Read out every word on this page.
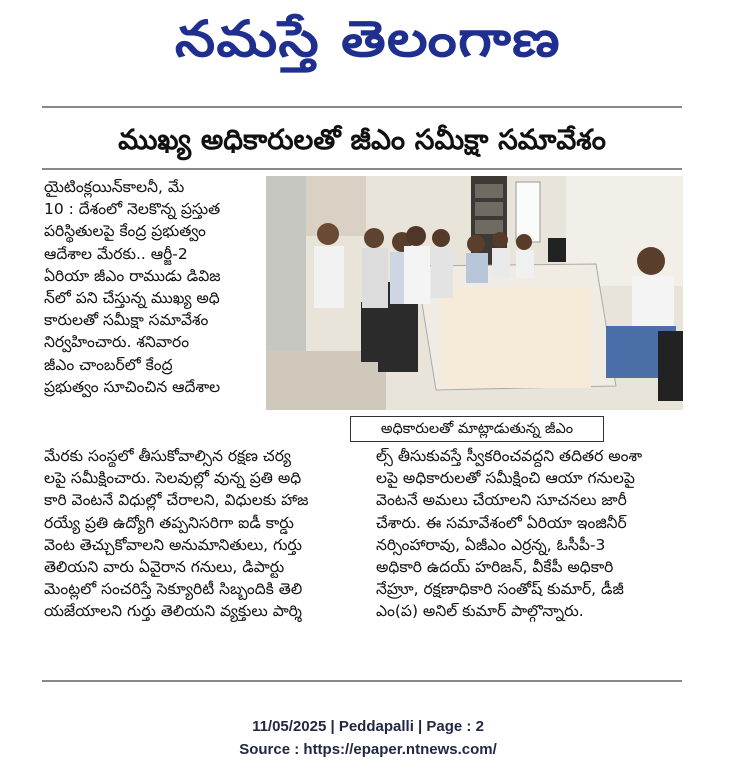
నమస్తే తెలంగాణ
ముఖ్య అధికారులతో జీఎం సమీక్షా సమావేశం

యైటింక్లయిన్‌కాలనీ, మే

10 : దేశంలో నెలకొన్న ప్రస్తుత

పరిస్థితులపై కేంద్ర ప్రభుత్వం

ఆదేశాల మేరకు.. ఆర్జీ-2

ఏరియా జీఎం రాముడు డివిజ

న్‌లో పని చేస్తున్న ముఖ్య అధి

కారులతో సమీక్షా సమావేశం

నిర్వహించారు. శనివారం

జీఎం చాంబర్‌లో కేంద్ర

ప్రభుత్వం సూచించిన ఆదేశాల

అధికారులతో మాట్లాడుతున్న జీఎం

మేరకు సంస్థలో తీసుకోవాల్సిన రక్షణ చర్య

లపై సమీక్షించారు. సెలవుల్లో వున్న ప్రతి అధి

కారి వెంటనే విధుల్లో చేరాలని, విధులకు హాజ

రయ్యే ప్రతి ఉద్యోగి తప్పనిసరిగా ఐడీ కార్డు

వెంట తెచ్చుకోవాలని అనుమానితులు, గుర్తు

తెలియని వారు ఏవైరాన గనులు, డిపార్టు

మెంట్లలో సంచరిస్తే సెక్యూరిటీ సిబ్బందికి తెలి

యజేయాలని గుర్తు తెలియని వ్యక్తులు పార్శి

ల్స్ తీసుకువస్తే స్వీకరించవద్దని తదితర అంశా

లపై అధికారులతో సమీక్షించి ఆయా గనులపై

వెంటనే అమలు చేయాలని సూచనలు జారీ

చేశారు. ఈ సమావేశంలో ఏరియా ఇంజినీర్

నర్సింహారావు, ఏజీఎం ఎర్రన్న, ఓసీపీ-3

అధికారి ఉదయ్ హరిజన్, వీకేపీ అధికారి

నేహ్రూ, రక్షణాధికారి సంతోష్ కుమార్, డీజీ

ఎం(ప) అనిల్ కుమార్ పాల్గొన్నారు.

11/05/2025 | Peddapalli | Page : 2
Source : https://epaper.ntnews.com/
